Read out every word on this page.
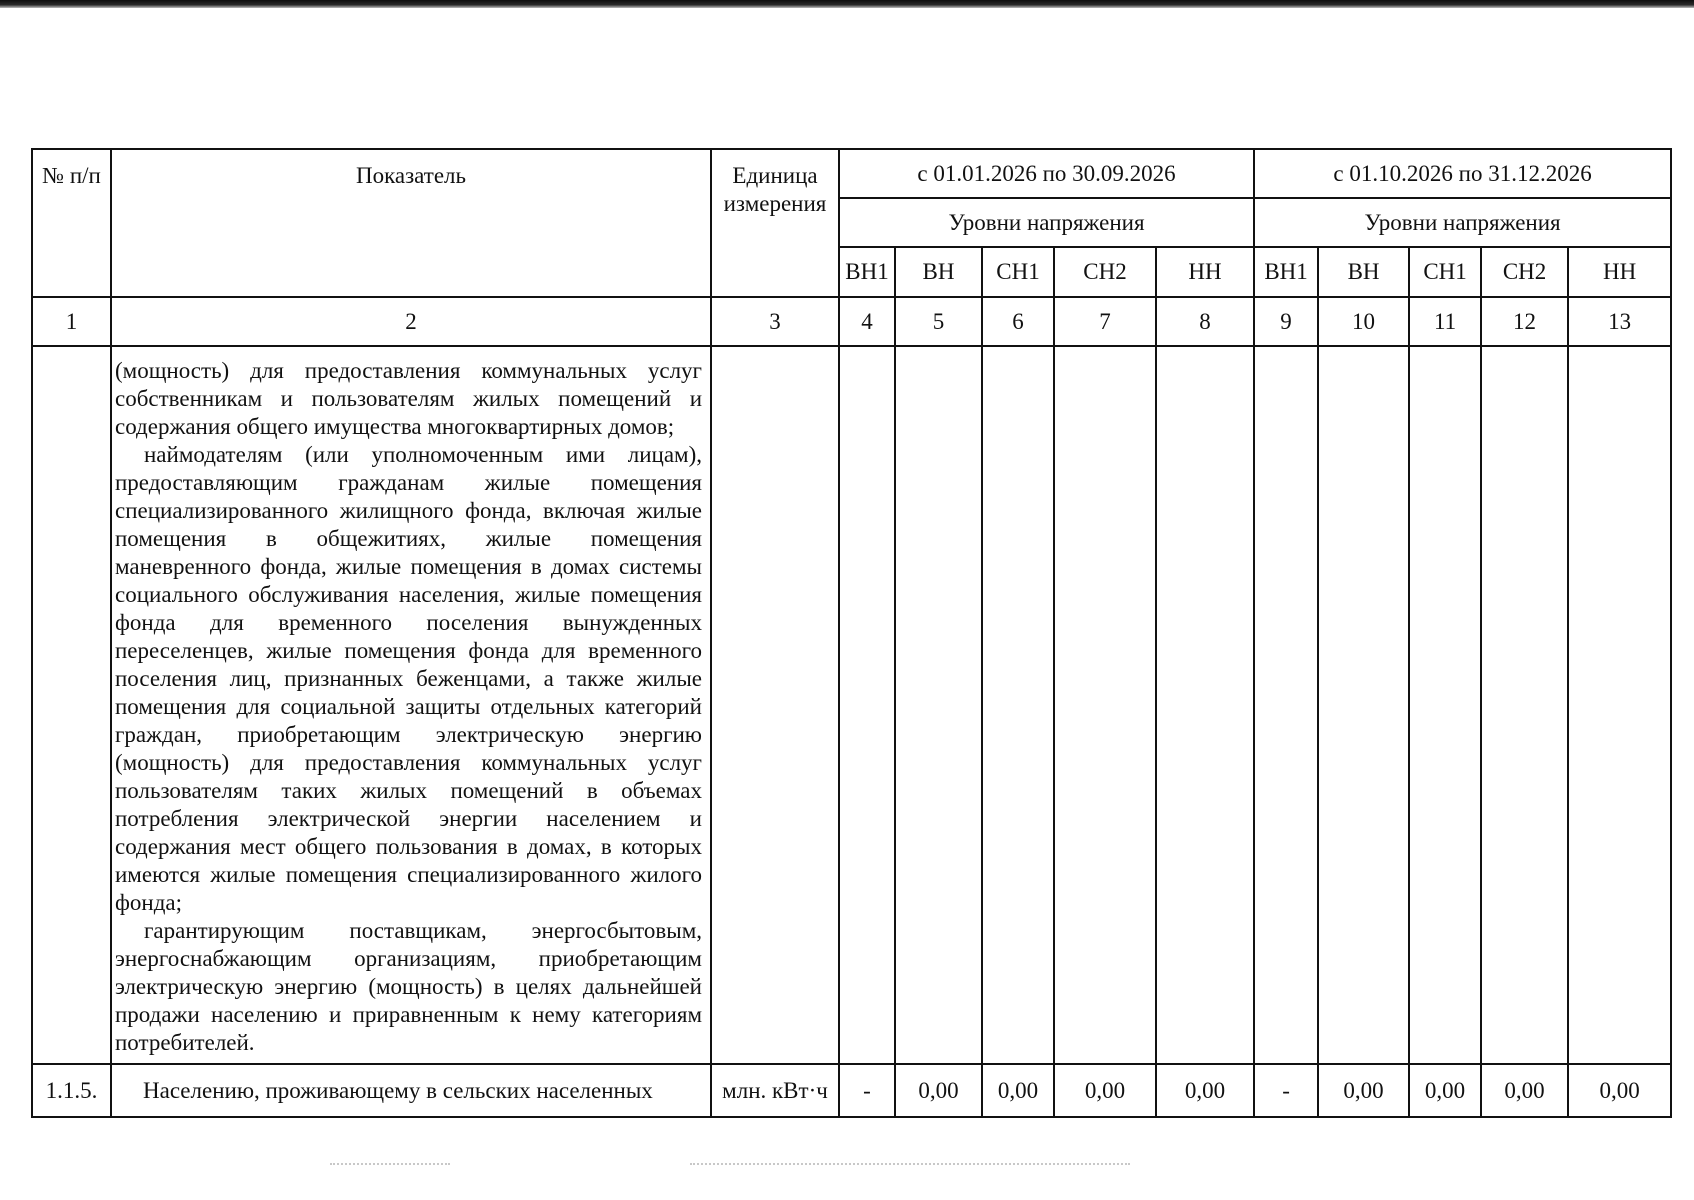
№ п/п	Показатель	Единица измерения	с 01.01.2026 по 30.09.2026					с 01.10.2026 по 31.12.2026				
			Уровни напряжения					Уровни напряжения				
			ВН1	ВН	СН1	СН2	НН	ВН1	ВН	СН1	СН2	НН
1	2	3	4	5	6	7	8	9	10	11	12	13

	(мощность) для предоставления коммунальных услуг собственникам и пользователям жилых помещений и содержания общего имущества многоквартирных домов;
наймодателям (или уполномоченным ими лицам), предоставляющим гражданам жилые помещения специализированного жилищного фонда, включая жилые помещения в общежитиях, жилые помещения маневренного фонда, жилые помещения в домах системы социального обслуживания населения, жилые помещения фонда для временного поселения вынужденных переселенцев, жилые помещения фонда для временного поселения лиц, признанных беженцами, а также жилые помещения для социальной защиты отдельных категорий граждан, приобретающим электрическую энергию (мощность) для предоставления коммунальных услуг пользователям таких жилых помещений в объемах потребления электрической энергии населением и содержания мест общего пользования в домах, в которых имеются жилые помещения специализированного жилого фонда;
гарантирующим поставщикам, энергосбытовым, энергоснабжающим организациям, приобретающим электрическую энергию (мощность) в целях дальнейшей продажи населению и приравненным к нему категориям потребителей.											

1.1.5.	Населению, проживающему в сельских населенных	млн. кВт·ч	-	0,00	0,00	0,00	0,00	-	0,00	0,00	0,00	0,00
